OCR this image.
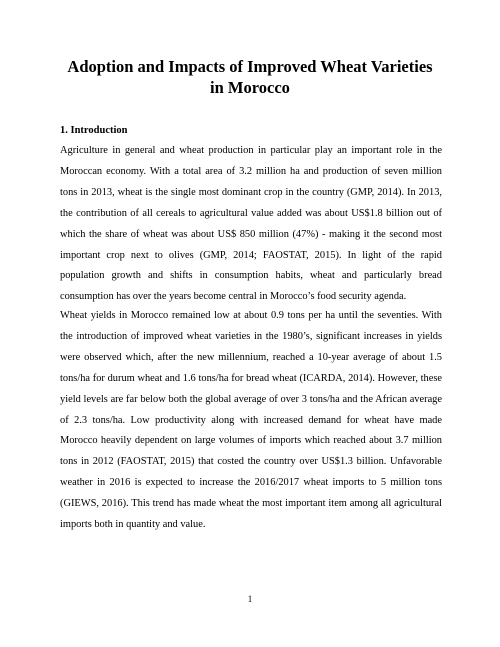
Adoption and Impacts of Improved Wheat Varieties in Morocco
1. Introduction

Agriculture in general and wheat production in particular play an important role in the Moroccan economy. With a total area of 3.2 million ha and production of seven million tons in 2013, wheat is the single most dominant crop in the country (GMP, 2014). In 2013, the contribution of all cereals to agricultural value added was about US$1.8 billion out of which the share of wheat was about US$ 850 million (47%) - making it the second most important crop next to olives (GMP, 2014; FAOSTAT, 2015). In light of the rapid population growth and shifts in consumption habits, wheat and particularly bread consumption has over the years become central in Morocco’s food security agenda.

Wheat yields in Morocco remained low at about 0.9 tons per ha until the seventies. With the introduction of improved wheat varieties in the 1980’s, significant increases in yields were observed which, after the new millennium, reached a 10-year average of about 1.5 tons/ha for durum wheat and 1.6 tons/ha for bread wheat (ICARDA, 2014). However, these yield levels are far below both the global average of over 3 tons/ha and the African average of 2.3 tons/ha. Low productivity along with increased demand for wheat have made Morocco heavily dependent on large volumes of imports which reached about 3.7 million tons in 2012 (FAOSTAT, 2015) that costed the country over US$1.3 billion. Unfavorable weather in 2016 is expected to increase the 2016/2017 wheat imports to 5 million tons (GIEWS, 2016). This trend has made wheat the most important item among all agricultural imports both in quantity and value.

1
